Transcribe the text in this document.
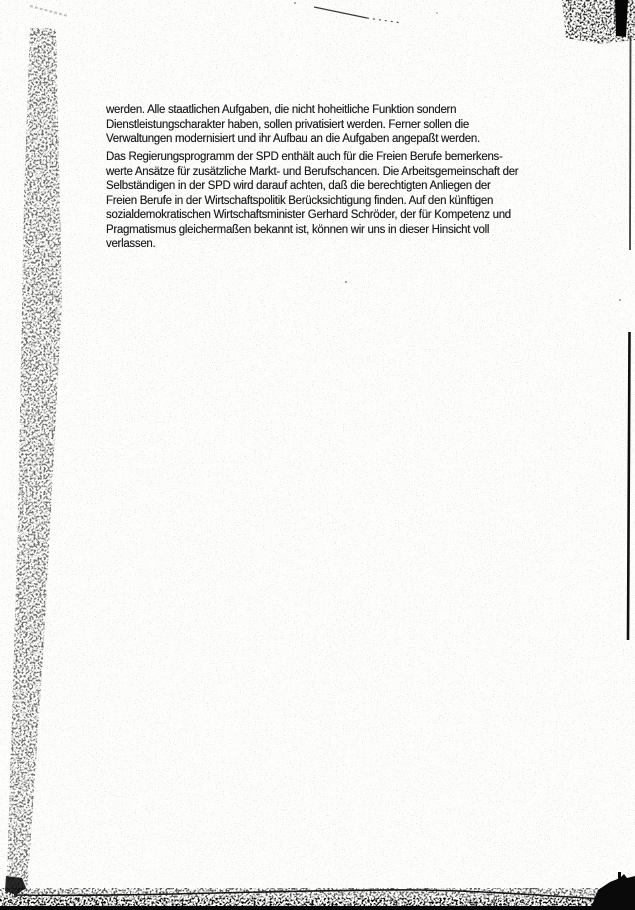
werden. Alle staatlichen Aufgaben, die nicht hoheitliche Funktion sondern
Dienstleistungscharakter haben, sollen privatisiert werden. Ferner sollen die
Verwaltungen modernisiert und ihr Aufbau an die Aufgaben angepaßt werden.
Das Regierungsprogramm der SPD enthält auch für die Freien Berufe bemerkens-
werte Ansätze für zusätzliche Markt- und Berufschancen. Die Arbeitsgemeinschaft der
Selbständigen in der SPD wird darauf achten, daß die berechtigten Anliegen der
Freien Berufe in der Wirtschaftspolitik Berücksichtigung finden. Auf den künftigen
sozialdemokratischen Wirtschaftsminister Gerhard Schröder, der für Kompetenz und
Pragmatismus gleichermaßen bekannt ist, können wir uns in dieser Hinsicht voll
verlassen.
